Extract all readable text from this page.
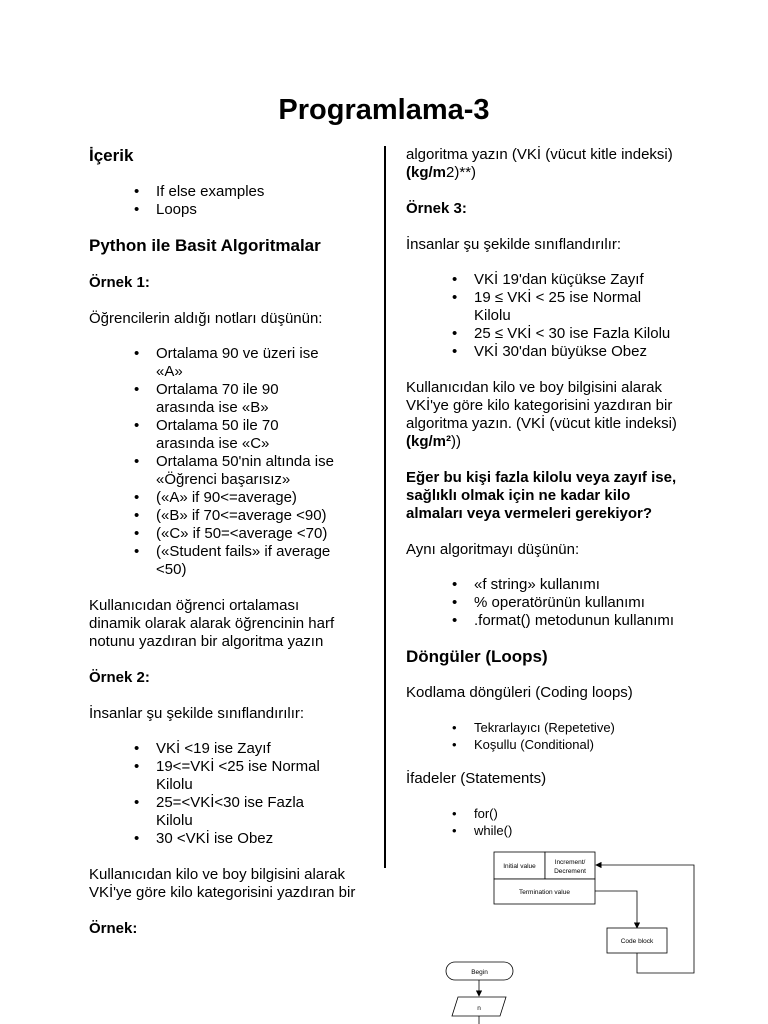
Programlama-3

İçerik

• If else examples
• Loops

Python ile Basit Algoritmalar

Örnek 1:

Öğrencilerin aldığı notları düşünün:

• Ortalama 90 ve üzeri ise «A»
• Ortalama 70 ile 90 arasında ise «B»
• Ortalama 50 ile 70 arasında ise «C»
• Ortalama 50'nin altında ise «Öğrenci başarısız»
• («A» if 90<=average)
• («B» if 70<=average <90)
• («C» if 50=<average <70)
• («Student fails» if average <50)

Kullanıcıdan öğrenci ortalaması dinamik olarak alarak öğrencinin harf notunu yazdıran bir algoritma yazın

Örnek 2:

İnsanlar şu şekilde sınıflandırılır:

• VKİ <19 ise Zayıf
• 19<=VKİ <25 ise Normal Kilolu
• 25=<VKİ<30 ise Fazla Kilolu
• 30 <VKİ ise Obez

Kullanıcıdan kilo ve boy bilgisini alarak VKİ'ye göre kilo kategorisini yazdıran bir

Örnek:

algoritma yazın (VKİ (vücut kitle indeksi)
(kg/m2)**)

Örnek 3:

İnsanlar şu şekilde sınıflandırılır:

• VKİ 19'dan küçükse Zayıf
• 19 ≤ VKİ < 25 ise Normal Kilolu
• 25 ≤ VKİ < 30 ise Fazla Kilolu
• VKİ 30'dan büyükse Obez

Kullanıcıdan kilo ve boy bilgisini alarak VKİ'ye göre kilo kategorisini yazdıran bir algoritma yazın. (VKİ (vücut kitle indeksi) (kg/m²))

Eğer bu kişi fazla kilolu veya zayıf ise, sağlıklı olmak için ne kadar kilo almaları veya vermeleri gerekiyor?

Aynı algoritmayı düşünün:

• «f string» kullanımı
• % operatörünün kullanımı
• .format() metodunun kullanımı

Döngüler (Loops)

Kodlama döngüleri (Coding loops)

• Tekrarlayıcı (Repetetive)
• Koşullu (Conditional)

İfadeler (Statements)

• for()
• while()
Initial value
Increment/
Decrement
Termination value
Code block
Begin
n
